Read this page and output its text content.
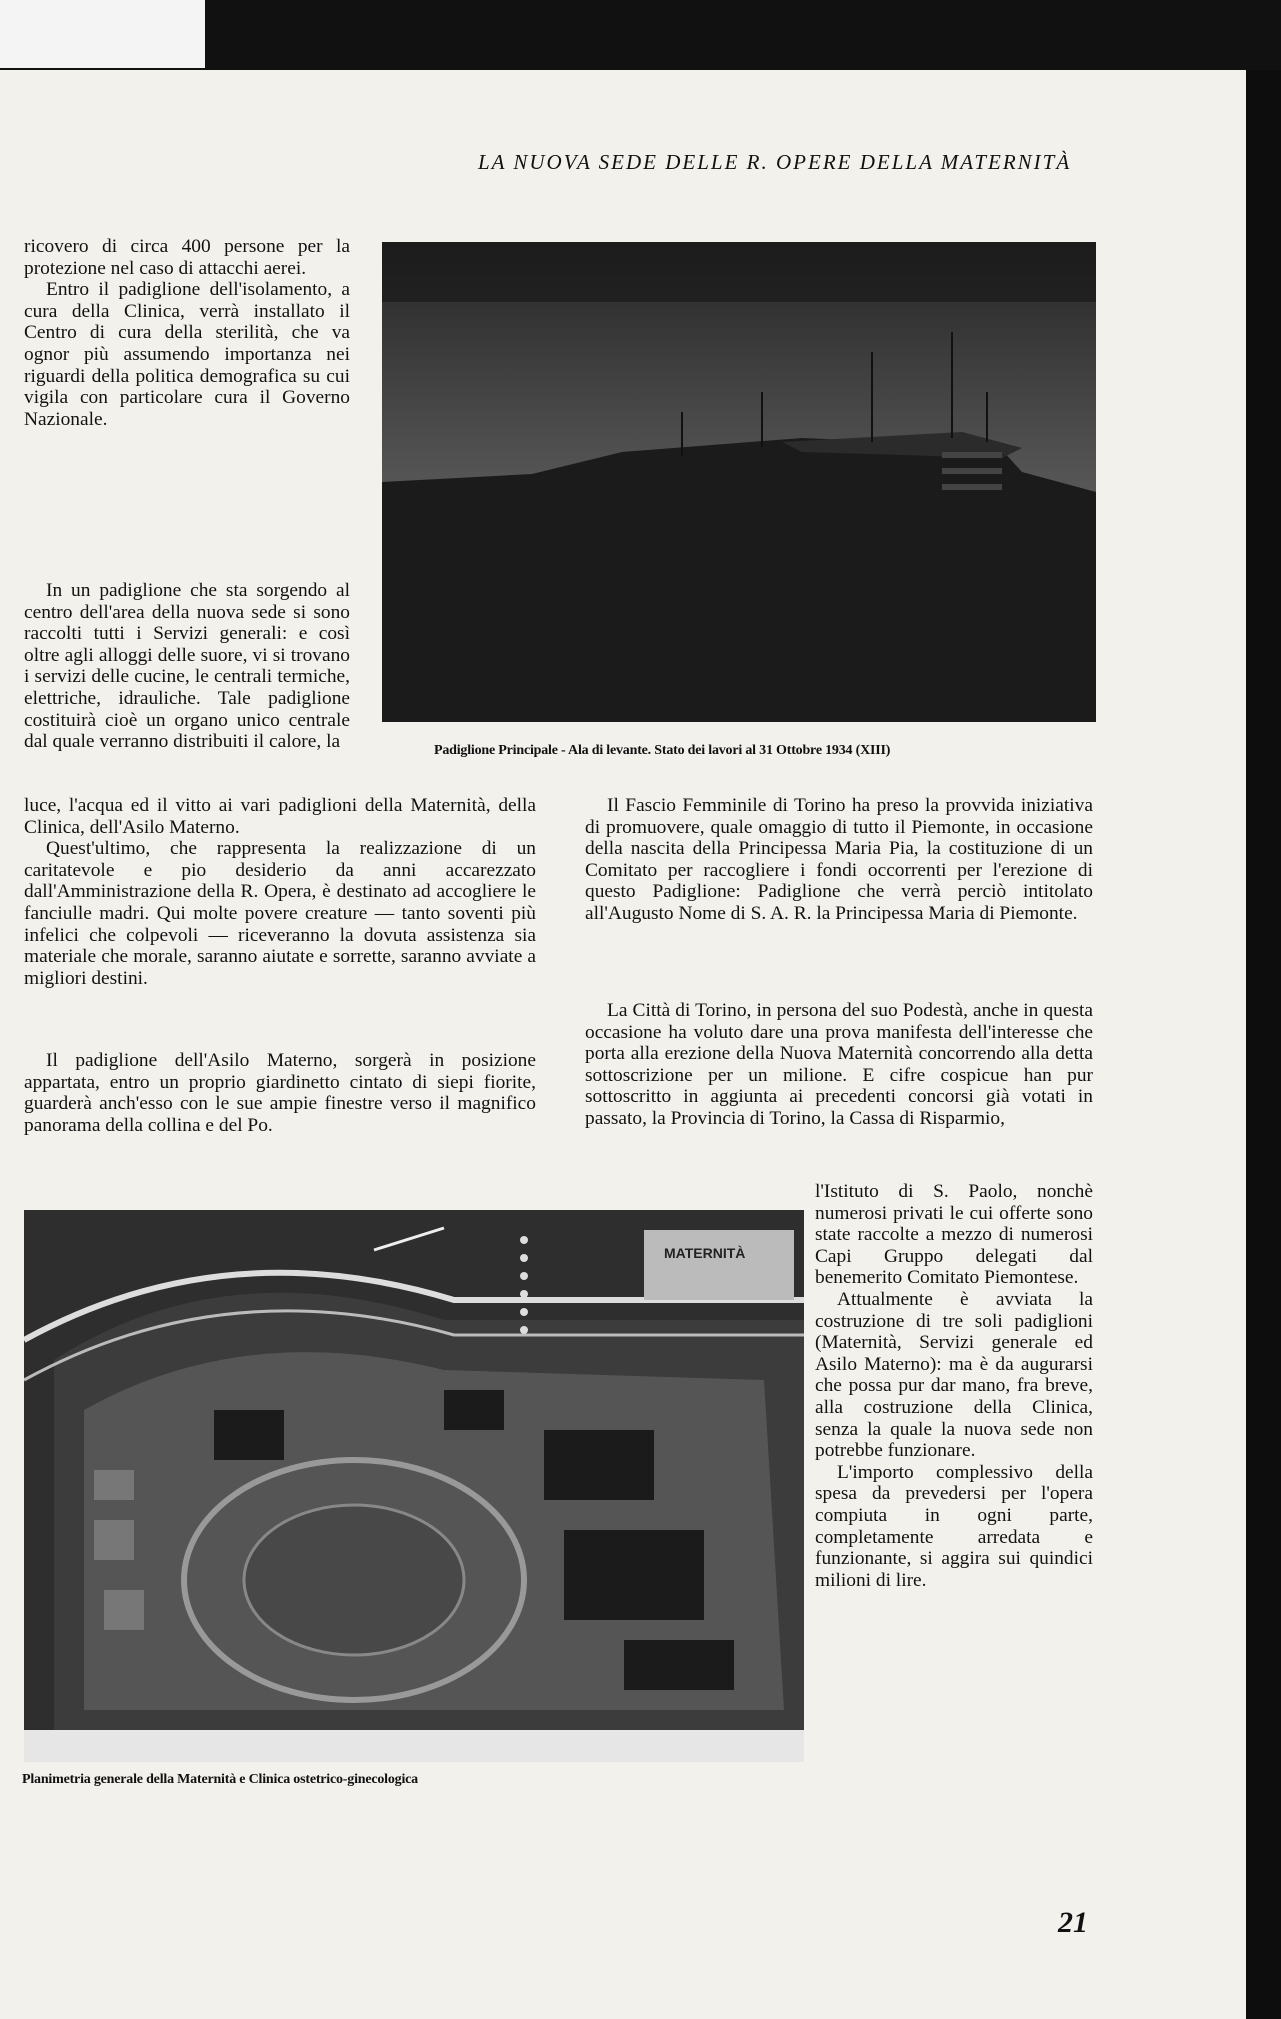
LA NUOVA SEDE DELLE R. OPERE DELLA MATERNITÀ
ricovero di circa 400 persone per la protezione nel caso di attacchi aerei.
Entro il padiglione dell'isolamento, a cura della Clinica, verrà installato il Centro di cura della sterilità, che va ognor più assumendo importanza nei riguardi della politica demografica su cui vigila con particolare cura il Governo Nazionale.
In un padiglione che sta sorgendo al centro dell'area della nuova sede si sono raccolti tutti i Servizi generali: e così oltre agli alloggi delle suore, vi si trovano i servizi delle cucine, le centrali termiche, elettriche, idrauliche. Tale padiglione costituirà cioè un organo unico centrale dal quale verranno distribuiti il calore, la
luce, l'acqua ed il vitto ai vari padiglioni della Maternità, della Clinica, dell'Asilo Materno.
Quest'ultimo, che rappresenta la realizzazione di un caritatevole e pio desiderio da anni accarezzato dall'Amministrazione della R. Opera, è destinato ad accogliere le fanciulle madri. Qui molte povere creature — tanto soventi più infelici che colpevoli — riceveranno la dovuta assistenza sia materiale che morale, saranno aiutate e sorrette, saranno avviate a migliori destini.
Il padiglione dell'Asilo Materno, sorgerà in posizione appartata, entro un proprio giardinetto cintato di siepi fiorite, guarderà anch'esso con le sue ampie finestre verso il magnifico panorama della collina e del Po.
Padiglione Principale - Ala di levante. Stato dei lavori al 31 Ottobre 1934 (XIII)
Il Fascio Femminile di Torino ha preso la provvida iniziativa di promuovere, quale omaggio di tutto il Piemonte, in occasione della nascita della Principessa Maria Pia, la costituzione di un Comitato per raccogliere i fondi occorrenti per l'erezione di questo Padiglione: Padiglione che verrà perciò intitolato all'Augusto Nome di S. A. R. la Principessa Maria di Piemonte.
La Città di Torino, in persona del suo Podestà, anche in questa occasione ha voluto dare una prova manifesta dell'interesse che porta alla erezione della Nuova Maternità concorrendo alla detta sottoscrizione per un milione. E cifre cospicue han pur sottoscritto in aggiunta ai precedenti concorsi già votati in passato, la Provincia di Torino, la Cassa di Risparmio,
l'Istituto di S. Paolo, nonchè numerosi privati le cui offerte sono state raccolte a mezzo di numerosi Capi Gruppo delegati dal benemerito Comitato Piemontese.
Attualmente è avviata la costruzione di tre soli padiglioni (Maternità, Servizi generale ed Asilo Materno): ma è da augurarsi che possa pur dar mano, fra breve, alla costruzione della Clinica, senza la quale la nuova sede non potrebbe funzionare.
L'importo complessivo della spesa da prevedersi per l'opera compiuta in ogni parte, completamente arredata e funzionante, si aggira sui quindici milioni di lire.
MATERNITÀ
Planimetria generale della Maternità e Clinica ostetrico-ginecologica
21
